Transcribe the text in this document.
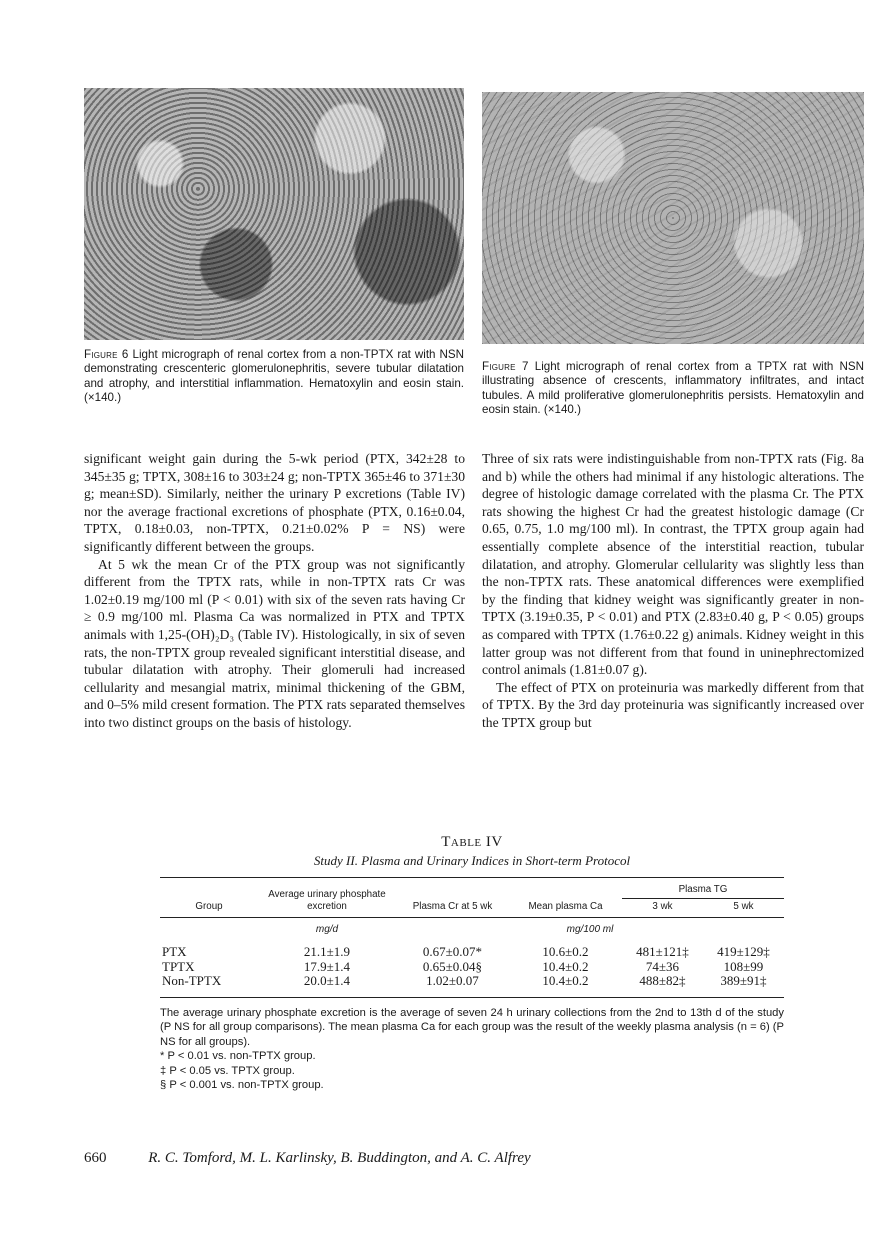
Figure 6 Light micrograph of renal cortex from a non-TPTX rat with NSN demonstrating crescenteric glomerulonephritis, severe tubular dilatation and atrophy, and interstitial inflammation. Hematoxylin and eosin stain. (×140.)
Figure 7 Light micrograph of renal cortex from a TPTX rat with NSN illustrating absence of crescents, inflammatory infiltrates, and intact tubules. A mild proliferative glomerulonephritis persists. Hematoxylin and eosin stain. (×140.)

significant weight gain during the 5-wk period (PTX, 342±28 to 345±35 g; TPTX, 308±16 to 303±24 g; non-TPTX 365±46 to 371±30 g; mean±SD). Similarly, neither the urinary P excretions (Table IV) nor the average fractional excretions of phosphate (PTX, 0.16±0.04, TPTX, 0.18±0.03, non-TPTX, 0.21±0.02% P = NS) were significantly different between the groups.

At 5 wk the mean Cr of the PTX group was not significantly different from the TPTX rats, while in non-TPTX rats Cr was 1.02±0.19 mg/100 ml (P < 0.01) with six of the seven rats having Cr ≥ 0.9 mg/100 ml. Plasma Ca was normalized in PTX and TPTX animals with 1,25-(OH)₂D₃ (Table IV). Histologically, in six of seven rats, the non-TPTX group revealed significant interstitial disease, and tubular dilatation with atrophy. Their glomeruli had increased cellularity and mesangial matrix, minimal thickening of the GBM, and 0–5% mild cresent formation. The PTX rats separated themselves into two distinct groups on the basis of histology.

Three of six rats were indistinguishable from non-TPTX rats (Fig. 8a and b) while the others had minimal if any histologic alterations. The degree of histologic damage correlated with the plasma Cr. The PTX rats showing the highest Cr had the greatest histologic damage (Cr 0.65, 0.75, 1.0 mg/100 ml). In contrast, the TPTX group again had essentially complete absence of the interstitial reaction, tubular dilatation, and atrophy. Glomerular cellularity was slightly less than the non-TPTX rats. These anatomical differences were exemplified by the finding that kidney weight was significantly greater in non-TPTX (3.19±0.35, P < 0.01) and PTX (2.83±0.40 g, P < 0.05) groups as compared with TPTX (1.76±0.22 g) animals. Kidney weight in this latter group was not different from that found in uninephrectomized control animals (1.81±0.07 g).

The effect of PTX on proteinuria was markedly different from that of TPTX. By the 3rd day proteinuria was significantly increased over the TPTX group but

Table IV
Study II. Plasma and Urinary Indices in Short-term Protocol
Group	Average urinary phosphate excretion	Plasma Cr at 5 wk	Mean plasma Ca	Plasma TG	
				3 wk	5 wk

	mg/d	mg/100 ml			
PTX	21.1±1.9	0.67±0.07*	10.6±0.2	481±121‡	419±129‡
TPTX	17.9±1.4	0.65±0.04§	10.4±0.2	74±36	108±99
Non-TPTX	20.0±1.4	1.02±0.07	10.4±0.2	488±82‡	389±91‡

The average urinary phosphate excretion is the average of seven 24 h urinary collections from the 2nd to 13th d of the study (P NS for all group comparisons). The mean plasma Ca for each group was the result of the weekly plasma analysis (n = 6) (P NS for all groups).

* P < 0.01 vs. non-TPTX group.

‡ P < 0.05 vs. TPTX group.

§ P < 0.001 vs. non-TPTX group.

660	R. C. Tomford, M. L. Karlinsky, B. Buddington, and A. C. Alfrey
